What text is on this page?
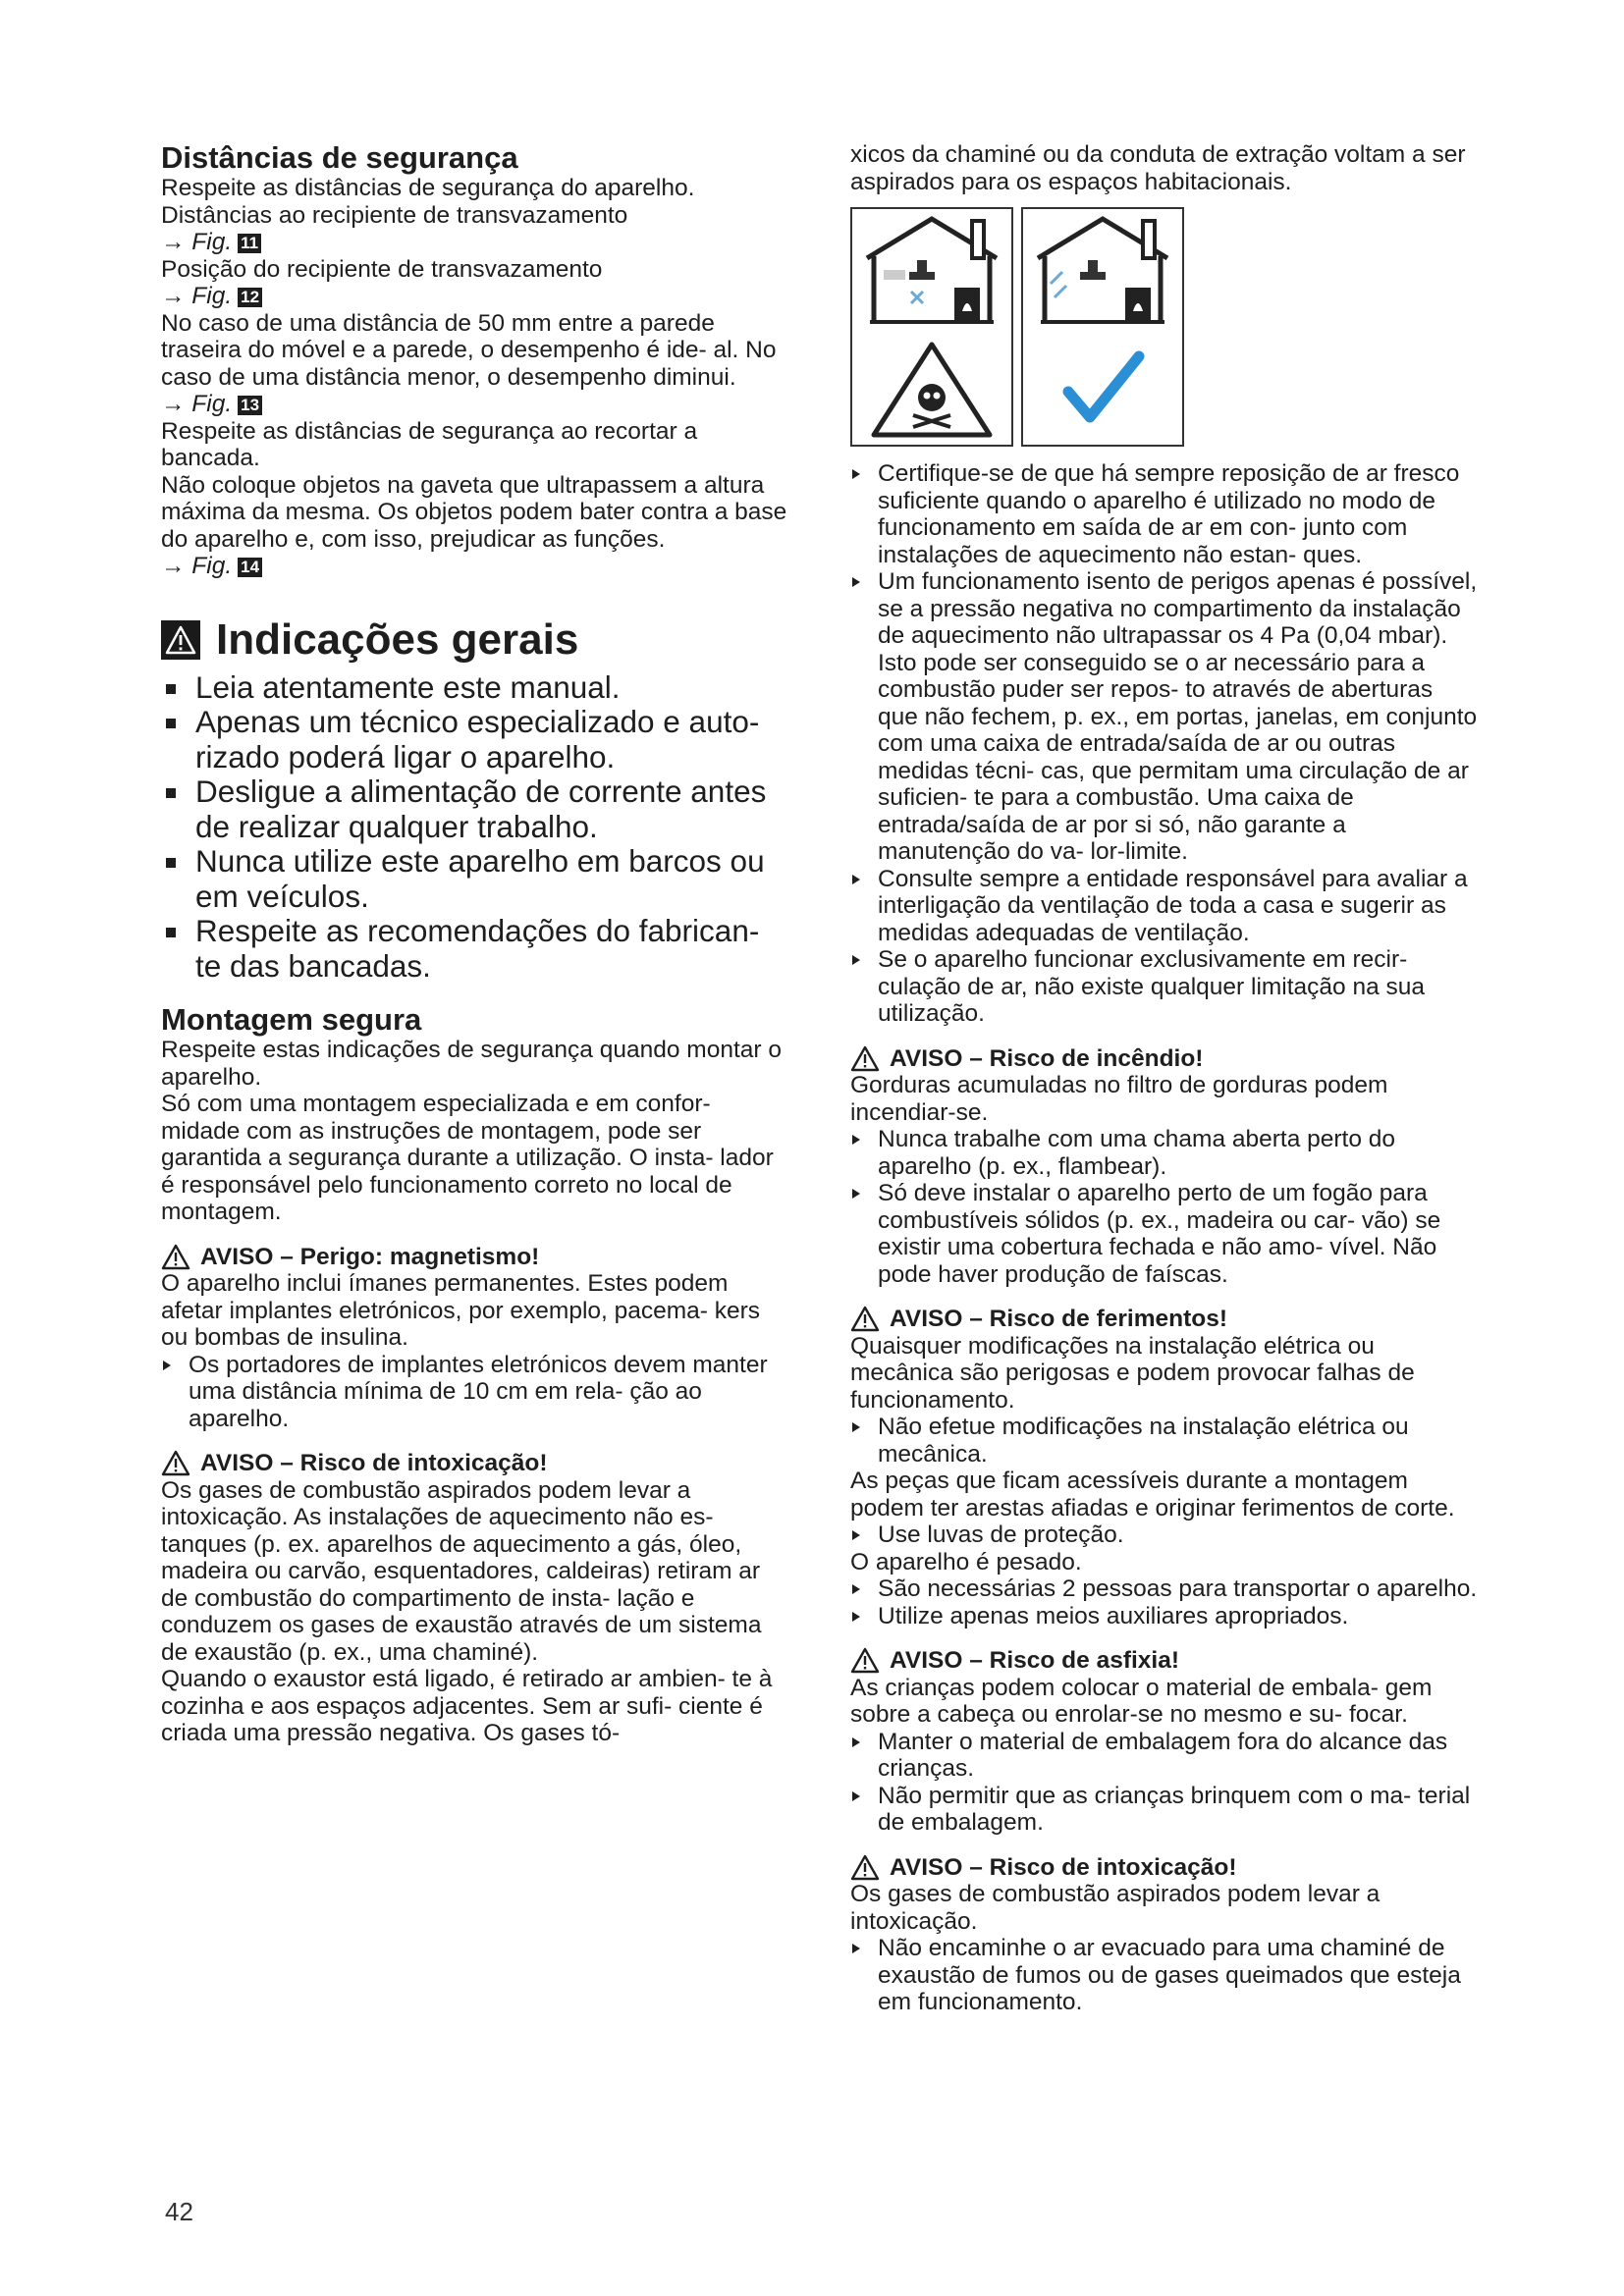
Distâncias de segurança

Respeite as distâncias de segurança do aparelho.

Distâncias ao recipiente de transvazamento

→ Fig. 11

Posição do recipiente de transvazamento

→ Fig. 12

No caso de uma distância de 50 mm entre a parede traseira do móvel e a parede, o desempenho é ide- al. No caso de uma distância menor, o desempenho diminui.

→ Fig. 13

Respeite as distâncias de segurança ao recortar a bancada.

Não coloque objetos na gaveta que ultrapassem a altura máxima da mesma. Os objetos podem bater contra a base do aparelho e, com isso, prejudicar as funções.

→ Fig. 14

Indicações gerais
Leia atentamente este manual.
Apenas um técnico especializado e auto- rizado poderá ligar o aparelho.
Desligue a alimentação de corrente antes de realizar qualquer trabalho.
Nunca utilize este aparelho em barcos ou em veículos.
Respeite as recomendações do fabrican- te das bancadas.

Montagem segura

Respeite estas indicações de segurança quando montar o aparelho.

Só com uma montagem especializada e em confor- midade com as instruções de montagem, pode ser garantida a segurança durante a utilização. O insta- lador é responsável pelo funcionamento correto no local de montagem.

AVISO – Perigo: magnetismo!

O aparelho inclui ímanes permanentes. Estes podem afetar implantes eletrónicos, por exemplo, pacema- kers ou bombas de insulina.

Os portadores de implantes eletrónicos devem manter uma distância mínima de 10 cm em rela- ção ao aparelho.
AVISO – Risco de intoxicação!

Os gases de combustão aspirados podem levar a intoxicação. As instalações de aquecimento não es- tanques (p. ex. aparelhos de aquecimento a gás, óleo, madeira ou carvão, esquentadores, caldeiras) retiram ar de combustão do compartimento de insta- lação e conduzem os gases de exaustão através de um sistema de exaustão (p. ex., uma chaminé).

Quando o exaustor está ligado, é retirado ar ambien- te à cozinha e aos espaços adjacentes. Sem ar sufi- ciente é criada uma pressão negativa. Os gases tó-

xicos da chaminé ou da conduta de extração voltam a ser aspirados para os espaços habitacionais.

Certifique-se de que há sempre reposição de ar fresco suficiente quando o aparelho é utilizado no modo de funcionamento em saída de ar em con- junto com instalações de aquecimento não estan- ques.
Um funcionamento isento de perigos apenas é possível, se a pressão negativa no compartimento da instalação de aquecimento não ultrapassar os 4 Pa (0,04 mbar). Isto pode ser conseguido se o ar necessário para a combustão puder ser repos- to através de aberturas que não fechem, p. ex., em portas, janelas, em conjunto com uma caixa de entrada/saída de ar ou outras medidas técni- cas, que permitam uma circulação de ar suficien- te para a combustão. Uma caixa de entrada/saída de ar por si só, não garante a manutenção do va- lor-limite.
Consulte sempre a entidade responsável para avaliar a interligação da ventilação de toda a casa e sugerir as medidas adequadas de ventilação.
Se o aparelho funcionar exclusivamente em recir- culação de ar, não existe qualquer limitação na sua utilização.
AVISO – Risco de incêndio!

Gorduras acumuladas no filtro de gorduras podem incendiar-se.

Nunca trabalhe com uma chama aberta perto do aparelho (p. ex., flambear).
Só deve instalar o aparelho perto de um fogão para combustíveis sólidos (p. ex., madeira ou car- vão) se existir uma cobertura fechada e não amo- vível. Não pode haver produção de faíscas.
AVISO – Risco de ferimentos!

Quaisquer modificações na instalação elétrica ou mecânica são perigosas e podem provocar falhas de funcionamento.

Não efetue modificações na instalação elétrica ou mecânica.

As peças que ficam acessíveis durante a montagem podem ter arestas afiadas e originar ferimentos de corte.

Use luvas de proteção.

O aparelho é pesado.

São necessárias 2 pessoas para transportar o aparelho.
Utilize apenas meios auxiliares apropriados.
AVISO – Risco de asfixia!

As crianças podem colocar o material de embala- gem sobre a cabeça ou enrolar-se no mesmo e su- focar.

Manter o material de embalagem fora do alcance das crianças.
Não permitir que as crianças brinquem com o ma- terial de embalagem.
AVISO – Risco de intoxicação!

Os gases de combustão aspirados podem levar a intoxicação.

Não encaminhe o ar evacuado para uma chaminé de exaustão de fumos ou de gases queimados que esteja em funcionamento.
42
